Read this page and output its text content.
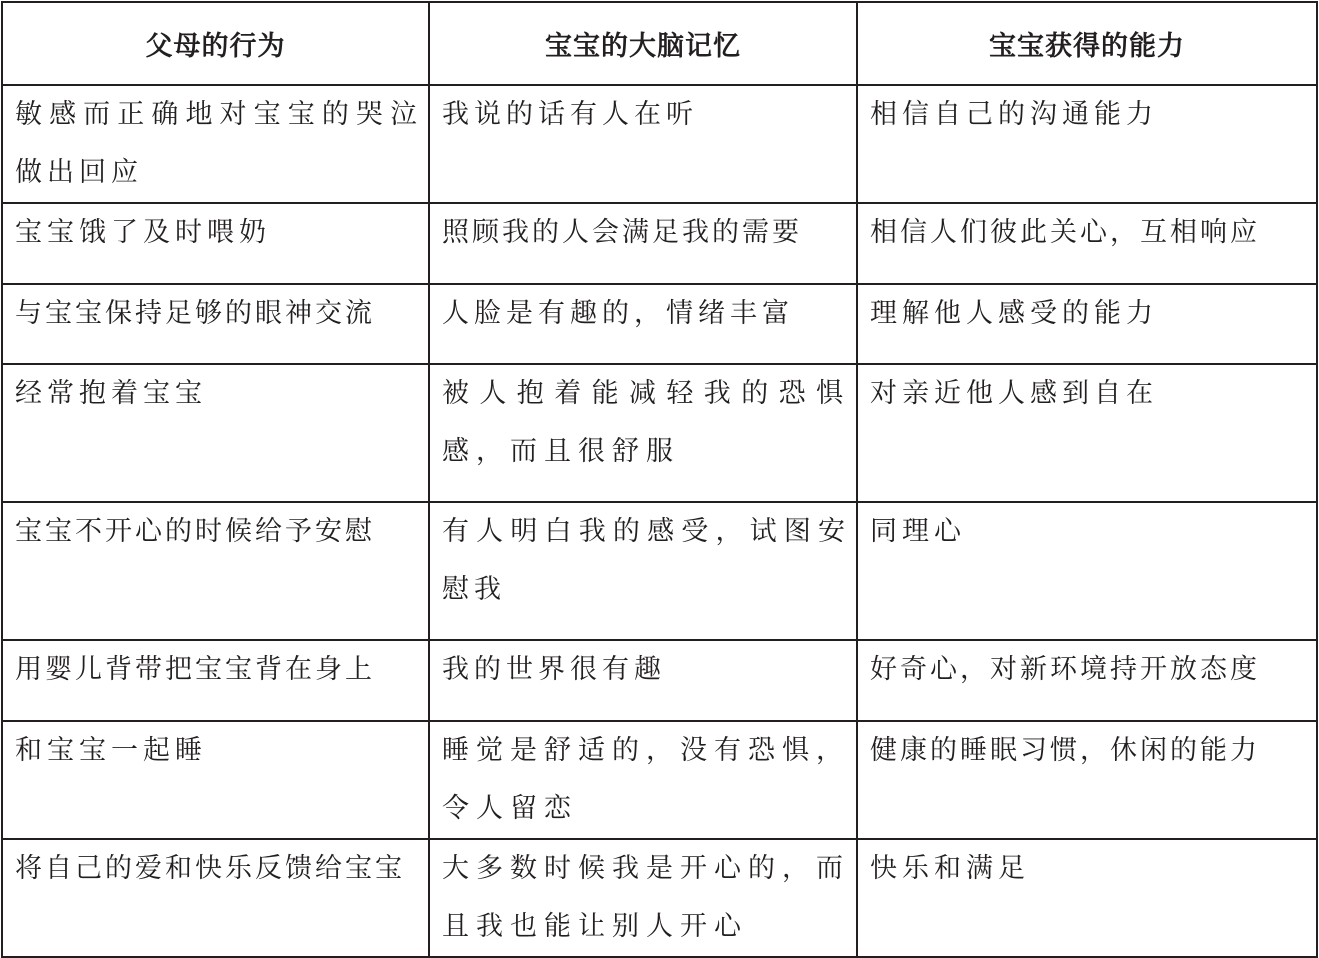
父母的行为	宝宝的大脑记忆	宝宝获得的能力
敏感而正确地对宝宝的哭泣做出回应	我说的话有人在听	相信自己的沟通能力
宝宝饿了及时喂奶	照顾我的人会满足我的需要	相信人们彼此关心，互相响应
与宝宝保持足够的眼神交流	人脸是有趣的，情绪丰富	理解他人感受的能力
经常抱着宝宝	被人抱着能减轻我的恐惧感，而且很舒服	对亲近他人感到自在
宝宝不开心的时候给予安慰	有人明白我的感受，试图安慰我	同理心
用婴儿背带把宝宝背在身上	我的世界很有趣	好奇心，对新环境持开放态度
和宝宝一起睡	睡觉是舒适的，没有恐惧，令人留恋	健康的睡眠习惯，休闲的能力
将自己的爱和快乐反馈给宝宝	大多数时候我是开心的，而且我也能让别人开心	快乐和满足
